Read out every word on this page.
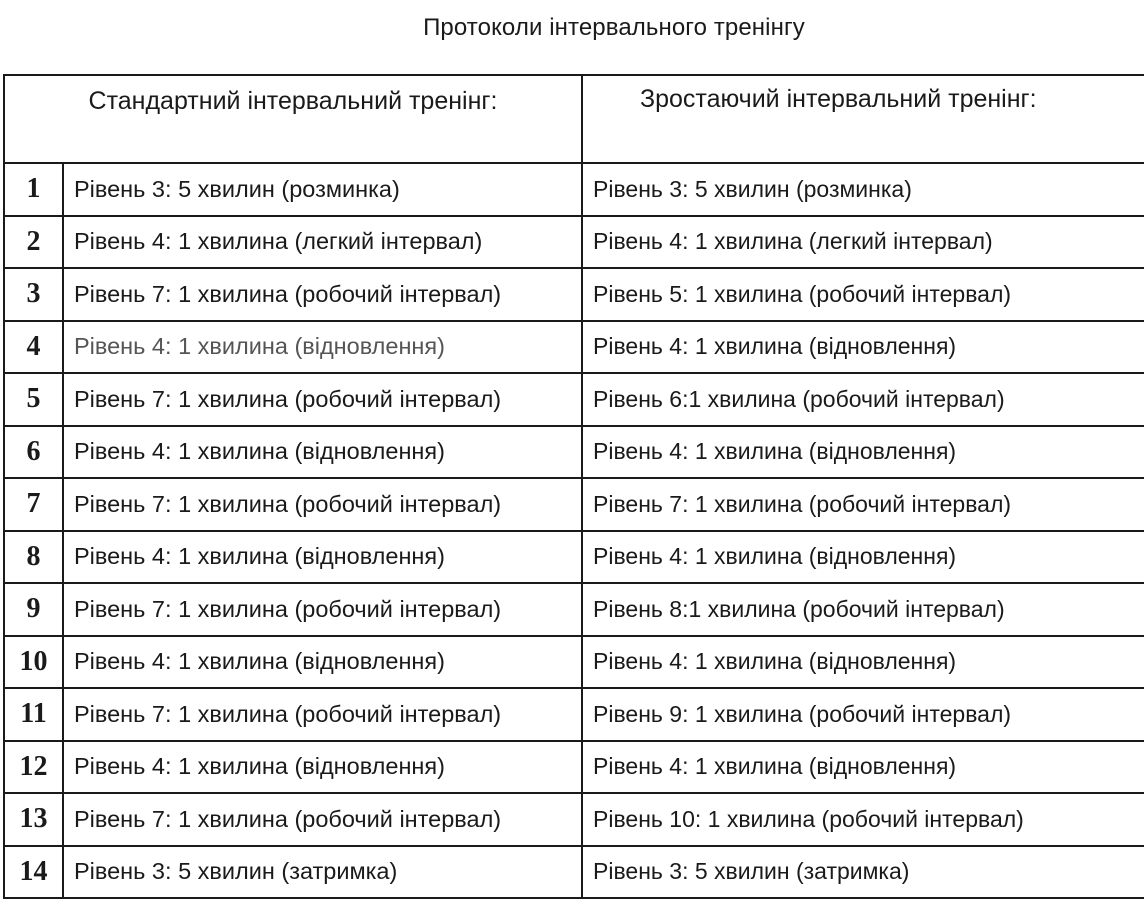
Протоколи інтервального тренінгу
Стандартний інтервальний тренінг:		Зростаючий інтервальний тренінг:
1	Рівень 3: 5 хвилин (розминка)	Рівень 3: 5 хвилин (розминка)
2	Рівень 4: 1 хвилина (легкий інтервал)	Рівень 4: 1 хвилина (легкий інтервал)
3	Рівень 7: 1 хвилина (робочий інтервал)	Рівень 5: 1 хвилина (робочий інтервал)
4	Рівень 4: 1 хвилина (відновлення)	Рівень 4: 1 хвилина (відновлення)
5	Рівень 7: 1 хвилина (робочий інтервал)	Рівень 6:1 хвилина (робочий інтервал)
6	Рівень 4: 1 хвилина (відновлення)	Рівень 4: 1 хвилина (відновлення)
7	Рівень 7: 1 хвилина (робочий інтервал)	Рівень 7: 1 хвилина (робочий інтервал)
8	Рівень 4: 1 хвилина (відновлення)	Рівень 4: 1 хвилина (відновлення)
9	Рівень 7: 1 хвилина (робочий інтервал)	Рівень 8:1 хвилина (робочий інтервал)
10	Рівень 4: 1 хвилина (відновлення)	Рівень 4: 1 хвилина (відновлення)
11	Рівень 7: 1 хвилина (робочий інтервал)	Рівень 9: 1 хвилина (робочий інтервал)
12	Рівень 4: 1 хвилина (відновлення)	Рівень 4: 1 хвилина (відновлення)
13	Рівень 7: 1 хвилина (робочий інтервал)	Рівень 10: 1 хвилина (робочий інтервал)
14	Рівень 3: 5 хвилин (затримка)	Рівень 3: 5 хвилин (затримка)
